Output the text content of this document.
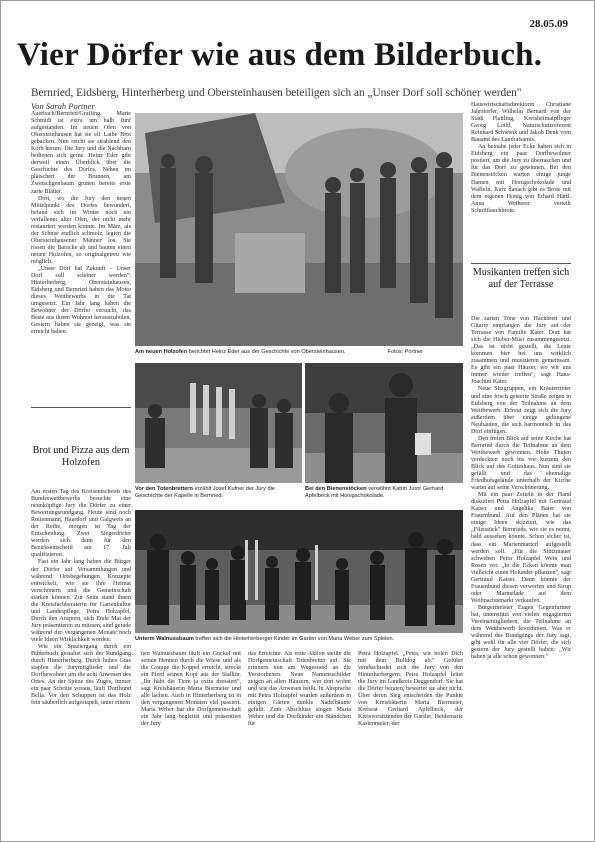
28.05.09
Vier Dörfer wie aus dem Bilderbuch.
Bernried, Eidsberg, Hinterherberg und Obersteinhausen beteiligen sich an „Unser Dorf soll schöner werden"
Von Sarah Portner

Auerbach/Bernried/Grafling. Marie Schmidt ist extra um halb fünf aufgestanden. Im neuen Ofen von Obersteinhausen hat sie elf Laibe Brot gebacken. Nun reicht sie strahlend den Korb herum. Die Jury und die Nachbarn bedienen sich gerne. Heinz Eder gibt derweil einen Überblick über die Geschichte des Dorfes. Neben im plätschert der Brunnen, am Zwetschgenbaum grünen bereits erste zarte Blätter.

Dort, wo die Jury den neuen Mittelpunkt des Dorfes bewundert, befand sich im Winter noch ein verfallener alter Ofen, der nicht mehr restauriert werden konnte. Im März, als der Schnee endlich schmolz, legten die Obersteinhausener Männer los. Sie rissen die Baracke ab und bauten einen neuen Holzofen, so originalgetreu wie möglich.

„Unser Dorf hat Zukunft – Unser Dorf soll schöner werden": Hinterherberg, Obersteinhausen, Eidsberg und Bernried haben das Motto dieses Wettbewerbs in die Tat umgesetzt. Ein Jahr lang haben die Bewohner der Dörfer versucht, das Beste aus ihrem Wohnort herauszuholen. Gestern haben sie gezeigt, was sie erreicht haben.

Brot und Pizza aus dem Holzofen

Am ersten Tag des Kreisentscheids des Bundeswettbewerbs besuchte eine neunköpfige Jury die Dörfer zu einer Bewertungsrundgang. Heute sind noch Rottenmann, Haardorf und Galgweis an der Reihe, morgen ist Tag der Entscheidung. Zwei Siegerdörfer werden sich dann für den Bezirksentscheid am 17. Juli qualifizieren.

Fast ein Jahr lang haben die Bürger der Dörfer auf Versammlungen und während Ortsbegehungen Konzepte entwickelt, wie sie ihre Heimat verschönern und die Gemeinschaft stärken können. Zur Seite stand ihnen die Kreisfachberaterin für Gartenkultur und Landespflege, Petra Holzapfel. Durch den Ansporn, sich Ende Mai der Jury präsentieren zu müssen, sind gerade während der vergangenen Monate noch viele Ideen Wirklichkeit worden.

Wie ein Spaziergang durch ein Bilderbuch gestaltet sich der Rundgang durch Hinterherberg. Durch hohes Gras stapfen die Jurymitglieder und die Dorfbewohner um die acht Anwesen des Ortes. An der Spitze des Zuges, immer ein paar Schritte voraus, läuft Dorfhund Bella. Vor den Schuppen ist das Holz fein säuberlich aufgestapelt, unter einem

Am neuen Holzofen berichtet Heinz Eder aus der Geschichte von Obersteinhausen.	Fotos: Portner
Vor den Totenbrettern erzählt Josef Kufner der Jury die Geschichte der Kapelle in Bernried.
Bei den Bienenstöcken verwöhnt Katrin Juror Gerhard Apfelbeck mit Honigschokolade.
Unterm Walnussbaum treffen sich die Hinterherberger Kinder im Garten von Maria Weber zum Spielen.
nen Walnussbaum läuft ein Gockel mit seinen Hennen durch die Wiese und als die Gruppe die Koppel erreicht, streckt ein Pferd seinen Kopf aus der Stalltür. „Ihr habt die Tiere ja extra dressiert", sagt Kreisbäuerin Maria Biermeier und alle lachen. Auch in Hinterherberg ist in den vergangenen Monaten viel passiert. Maria Weber hat die Dorfgemeinschaft ein Jahr lang begleitet und präsentiert der Jury
das Erreichte. Als erste Aktion stellte die Dorfgemeinschaft Totenbretter auf. Sie erinnern nun am Wegesrand an die Verstorbenen. Neue Namensschilder zeigen an allen Häusern, wer dort wohnt und wie das Anwesen heißt. In Absprache mit Petra Holzapfel wurden außerdem in einigen Gärten dunkle Nadelbäume gefällt. Zum Abschluss singen Maria Weber und die Dorfkinder ein Ständchen für
Petra Holzapfel. „Petra, wir holen Dich mit dem Bulldog ab." Geführt verabschiedet sich die Jury von den Hinterherbergern. Petra Holzapfel leitet die Jury im Landkreis Deggendorf. Sie hat die Dörfer beraten, bewertet sie aber nicht. Über deren Sieg entscheiden die Punkte von Kreisbäuerin Maria Biermeier, Kreisrat Gerhard Apfelbeck, der Kreisvorsitzenden der Gartler, Heidemarie Kastenmeier, der

Hauswirtschaftsdirektorin Christiane Jahrstorfer, Wilhelm Bernard von der Stadt Plattling, Kreisheimatpfleger Georg Loibl, Naturschutzreferent Reinhard Schwenk und Jakob Denk vom Bauamt des Landratsamts.

An beinahe jeder Ecke haben sich in Eidsberg ein paar Dorfbewohner postiert, um die Jury zu überraschen und für das Dorf zu gewinnen. Bei den Bienenstöcken warten einige junge Damen mit Honigschokolade und Waffeln. Kurz danach gibt es Brote mit dem eigenen Honig von Erhard Härtl. Anna Weiherer verteilt Schnittlauchbrote.

Musikanten treffen sich auf der Terrasse

Die zarten Töne von Hackbrett und Gitarre empfangen die Jury auf der Terrasse von Familie Kater. Dort hat sich die Hieber-Musi zusammengesetzt. „Das ist nicht gestellt, die Leute kommen hier bei uns wirklich zusammen und musizieren gemeinsam. Es gibt ein paar Häuser, wo wir uns immer wieder treffen", sagt Hans-Joachim Kater.

Neue Sitzgruppen, ein Kräutertreter und eine frisch geteerte Straße zeigen in Eidsberg von der Teilnahme an dem Wettbewerb. Erfreut zeigt sich die Jury außerdem über einige gelungene Neubauten, die sich harmonisch in das Dorf einfügen.

Den freien Blick auf seine Kirche hat Bernried durch die Teilnahme an dem Wettbewerb gewonnen. Hohe Thujen verdeckten noch bis vor kurzem den Blick auf das Gotteshaus. Nun sind sie gefällt und das ehemalige Friedhofsgelände unterhalb der Kirche wartet auf seine Verschönerung.

Mit ein paar Zetteln in der Hand diskutiert Petra Holzapfel mit Gertraud Kaiser und Angelika Baier von Frauenbund. Auf den Plänen hat sie einige Ideen skizziert, wie das „Filetstück" Bernrieds, wie sie es nennt, bald aussehen könnte. Schon sicher ist, dass ein Marienmarterl aufgestellt werden soll. „Für die Stützmauer schweben Petra Holzapfel Wein und Rosen vor. „In die Ecken könnte man vielleicht einen Holunder pflanzen", sagt Gertraud Kaiser. Dann könnte der Frauenbund diesen verwerten und Sirup oder Marmelade auf dem Weihnachtsmarkt verkaufen.

Bürgermeister Eugen Gegenfurtner hat, unterstützt von vielen engagierten Vereinsmitgliedern, die Teilnahme an dem Wettbewerb koordiniert. Was er während des Rundgangs der Jury sagt, gibt wohl für alle vier Dörfer, die sich gestern der Jury gestellt haben: „Wir haben ja alle schon gewonnen."
